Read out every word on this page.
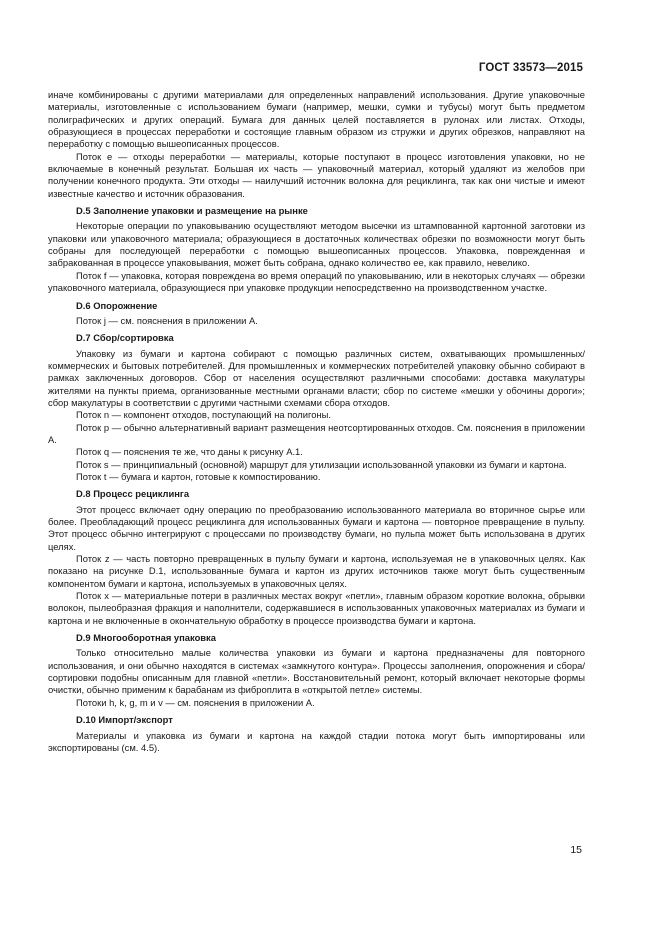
ГОСТ 33573—2015

иначе комбинированы с другими материалами для определенных направлений использования. Другие упаковочные материалы, изготовленные с использованием бумаги (например, мешки, сумки и тубусы) могут быть предметом полиграфических и других операций. Бумага для данных целей поставляется в рулонах или листах. Отходы, образующиеся в процессах переработки и состоящие главным образом из стружки и других обрезков, направляют на переработку с помощью вышеописанных процессов.

Поток е — отходы переработки — материалы, которые поступают в процесс изготовления упаковки, но не включаемые в конечный результат. Большая их часть — упаковочный материал, который удаляют из желобов при получении конечного продукта. Эти отходы — наилучший источник волокна для рециклинга, так как они чистые и имеют известные качество и источник образования.

D.5 Заполнение упаковки и размещение на рынке

Некоторые операции по упаковыванию осуществляют методом высечки из штампованной картонной заготовки из упаковки или упаковочного материала; образующиеся в достаточных количествах обрезки по возможности могут быть собраны для последующей переработки с помощью вышеописанных процессов. Упаковка, поврежденная и забракованная в процессе упаковывания, может быть собрана, однако количество ее, как правило, невелико.

Поток f — упаковка, которая повреждена во время операций по упаковыванию, или в некоторых случаях — обрезки упаковочного материала, образующиеся при упаковке продукции непосредственно на производственном участке.

D.6 Опорожнение

Поток j — см. пояснения в приложении А.

D.7 Сбор/сортировка

Упаковку из бумаги и картона собирают с помощью различных систем, охватывающих промышленных/коммерческих и бытовых потребителей. Для промышленных и коммерческих потребителей упаковку обычно собирают в рамках заключенных договоров. Сбор от населения осуществляют различными способами: доставка макулатуры жителями на пункты приема, организованные местными органами власти; сбор по системе «мешки у обочины дороги»; сбор макулатуры в соответствии с другими частными схемами сбора отходов.

Поток n — компонент отходов, поступающий на полигоны.

Поток p — обычно альтернативный вариант размещения неотсортированных отходов. См. пояснения в приложении А.

Поток q — пояснения те же, что даны к рисунку А.1.

Поток s — принципиальный (основной) маршрут для утилизации использованной упаковки из бумаги и картона.

Поток t — бумага и картон, готовые к компостированию.

D.8 Процесс рециклинга

Этот процесс включает одну операцию по преобразованию использованного материала во вторичное сырье или более. Преобладающий процесс рециклинга для использованных бумаги и картона — повторное превращение в пульпу. Этот процесс обычно интегрируют с процессами по производству бумаги, но пульпа может быть использована в других целях.

Поток z — часть повторно превращенных в пульпу бумаги и картона, используемая не в упаковочных целях. Как показано на рисунке D.1, использованные бумага и картон из других источников также могут быть существенным компонентом бумаги и картона, используемых в упаковочных целях.

Поток x — материальные потери в различных местах вокруг «петли», главным образом короткие волокна, обрывки волокон, пылеобразная фракция и наполнители, содержавшиеся в использованных упаковочных материалах из бумаги и картона и не включенные в окончательную обработку в процессе производства бумаги и картона.

D.9 Многооборотная упаковка

Только относительно малые количества упаковки из бумаги и картона предназначены для повторного использования, и они обычно находятся в системах «замкнутого контура». Процессы заполнения, опорожнения и сбора/сортировки подобны описанным для главной «петли». Восстановительный ремонт, который включает некоторые формы очистки, обычно применим к барабанам из фиброплита в «открытой петле» системы.

Потоки h, k, g, m и v — см. пояснения в приложении А.

D.10 Импорт/экспорт

Материалы и упаковка из бумаги и картона на каждой стадии потока могут быть импортированы или экспортированы (см. 4.5).

15
